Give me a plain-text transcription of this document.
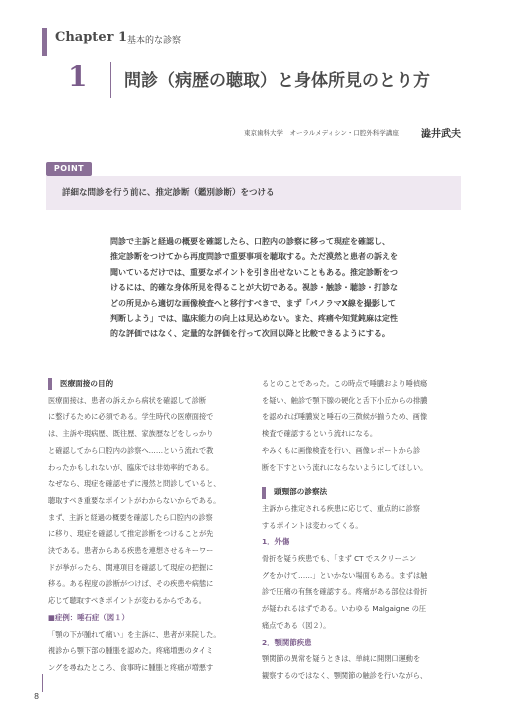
Chapter 1 基本的な診察
1 問診（病歴の聴取）と身体所見のとり方
東京歯科大学　オーラルメディシン・口腔外科学講座 澁井武夫
POINT
詳細な問診を行う前に、推定診断（鑑別診断）をつける

問診で主訴と経過の概要を確認したら、口腔内の診察に移って現症を確認し、

推定診断をつけてから再度問診で重要事項を聴取する。ただ漠然と患者の訴えを

聞いているだけでは、重要なポイントを引き出せないこともある。推定診断をつ

けるには、的確な身体所見を得ることが大切である。視診・触診・聴診・打診な

どの所見から適切な画像検査へと移行すべきで、まず「パノラマX線を撮影して

判断しよう」では、臨床能力の向上は見込めない。また、疼痛や知覚鈍麻は定性

的な評価ではなく、定量的な評価を行って次回以降と比較できるようにする。

医療面接の目的

医療面接は、患者の訴えから病状を確認して診断

に整げるために必須である。学生時代の医療面接で

は、主訴や現病歴、既往歴、家族歴などをしっかり

と確認してから口腔内の診察へ……という流れで教

わったかもしれないが、臨床では非効率的である。

なぜなら、現症を確認せずに漫然と問診していると、

聴取すべき重要なポイントがわからないからである。

まず、主訴と経過の概要を確認したら口腔内の診察

に移り、現症を確認して推定診断をつけることが先

決である。患者からある疾患を連想させるキーワー

ドが挙がったら、関連項目を確認して現症の把握に

移る。ある程度の診断がつけば、その疾患や病態に

応じて聴取すべきポイントが変わるからである。

■症例：唾石症（図１）

「顎の下が腫れて痛い」を主訴に、患者が来院した。

視診から顎下部の腫脹を認めた。疼痛増悪のタイミ

ングを尋ねたところ、食事時に腫脹と疼痛が増悪す

るとのことであった。この時点で唾膿おより唾偵瘍

を疑い、触診で顎下腺の硬化と舌下小丘からの排膿

を認めれば唾膿炭と唾石の三徴候が揃うため、画像

検査で確認するという流れになる。

やみくもに画像検査を行い、画像レポートから診

断を下すという流れにならないようにしてほしい。

頭頸部の診察法

主訴から推定される疾患に応じて、重点的に診察

するポイントは変わってくる。

1．外傷

骨折を疑う疾患でも、「まず CT でスクリーニン

グをかけて……」といかない場面もある。まずは触

診で圧痛の有無を確認する。疼痛がある部位は骨折

が疑われるはずである。いわゆる Malgaigne の圧

痛点である（図２）。

2．顎関節疾患

顎関節の異常を疑うときは、単純に開閉口運動を

観察するのではなく、顎関節の触診を行いながら、

8
